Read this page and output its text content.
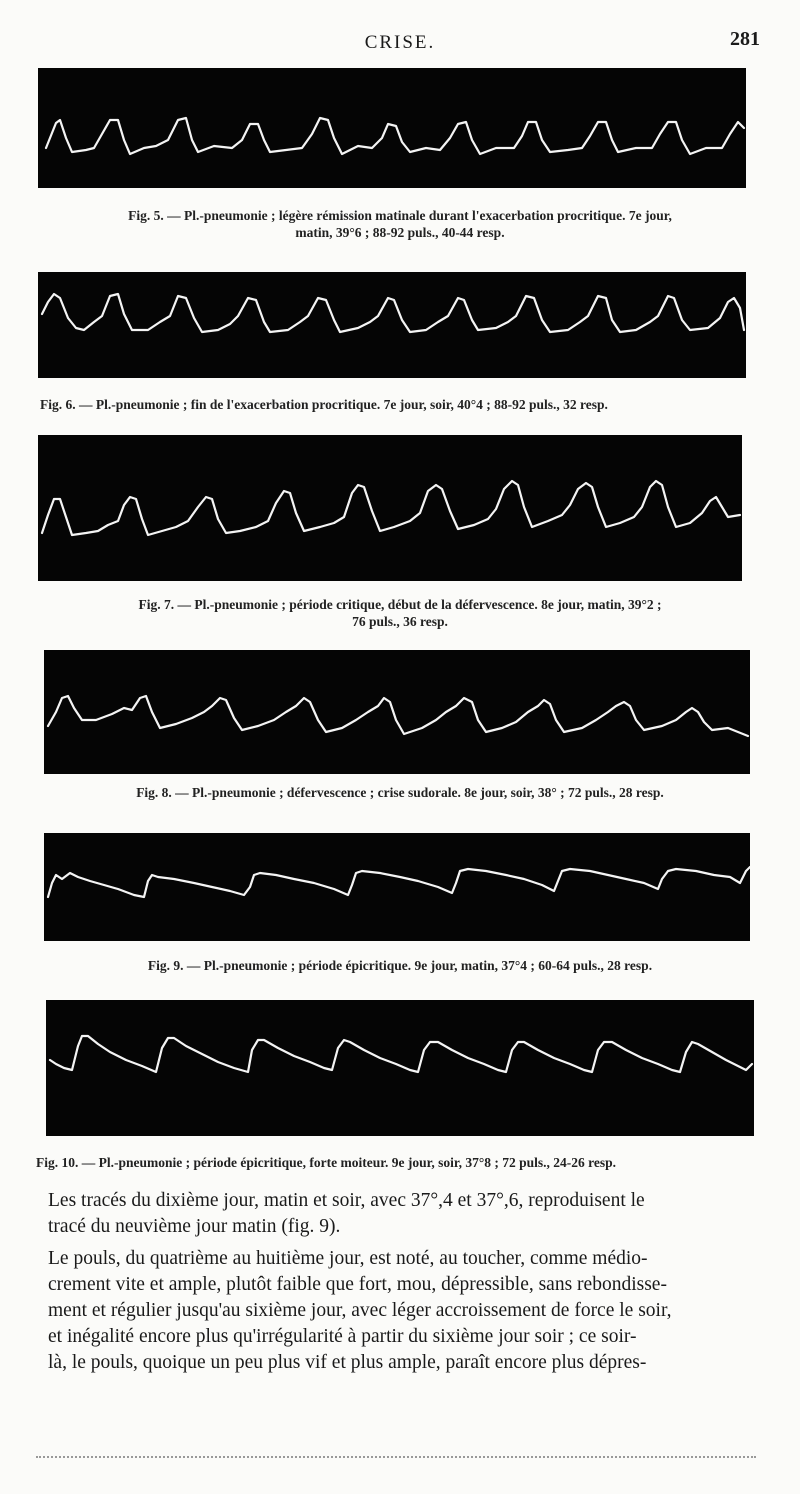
CRISE.	281
Fig. 5. — Pl.-pneumonie ; légère rémission matinale durant l'exacerbation procritique. 7e jour,
matin, 39°6 ; 88-92 puls., 40-44 resp.
Fig. 6. — Pl.-pneumonie ; fin de l'exacerbation procritique. 7e jour, soir, 40°4 ; 88-92 puls., 32 resp.
Fig. 7. — Pl.-pneumonie ; période critique, début de la défervescence. 8e jour, matin, 39°2 ;
76 puls., 36 resp.
Fig. 8. — Pl.-pneumonie ; défervescence ; crise sudorale. 8e jour, soir, 38° ; 72 puls., 28 resp.
Fig. 9. — Pl.-pneumonie ; période épicritique. 9e jour, matin, 37°4 ; 60-64 puls., 28 resp.
Fig. 10. — Pl.-pneumonie ; période épicritique, forte moiteur. 9e jour, soir, 37°8 ; 72 puls., 24-26 resp.
Les tracés du dixième jour, matin et soir, avec 37°,4 et 37°,6, reproduisent le
tracé du neuvième jour matin (fig. 9).
Le pouls, du quatrième au huitième jour, est noté, au toucher, comme médio-
crement vite et ample, plutôt faible que fort, mou, dépressible, sans rebondisse-
ment et régulier jusqu'au sixième jour, avec léger accroissement de force le soir,
et inégalité encore plus qu'irrégularité à partir du sixième jour soir ; ce soir-
là, le pouls, quoique un peu plus vif et plus ample, paraît encore plus dépres-
